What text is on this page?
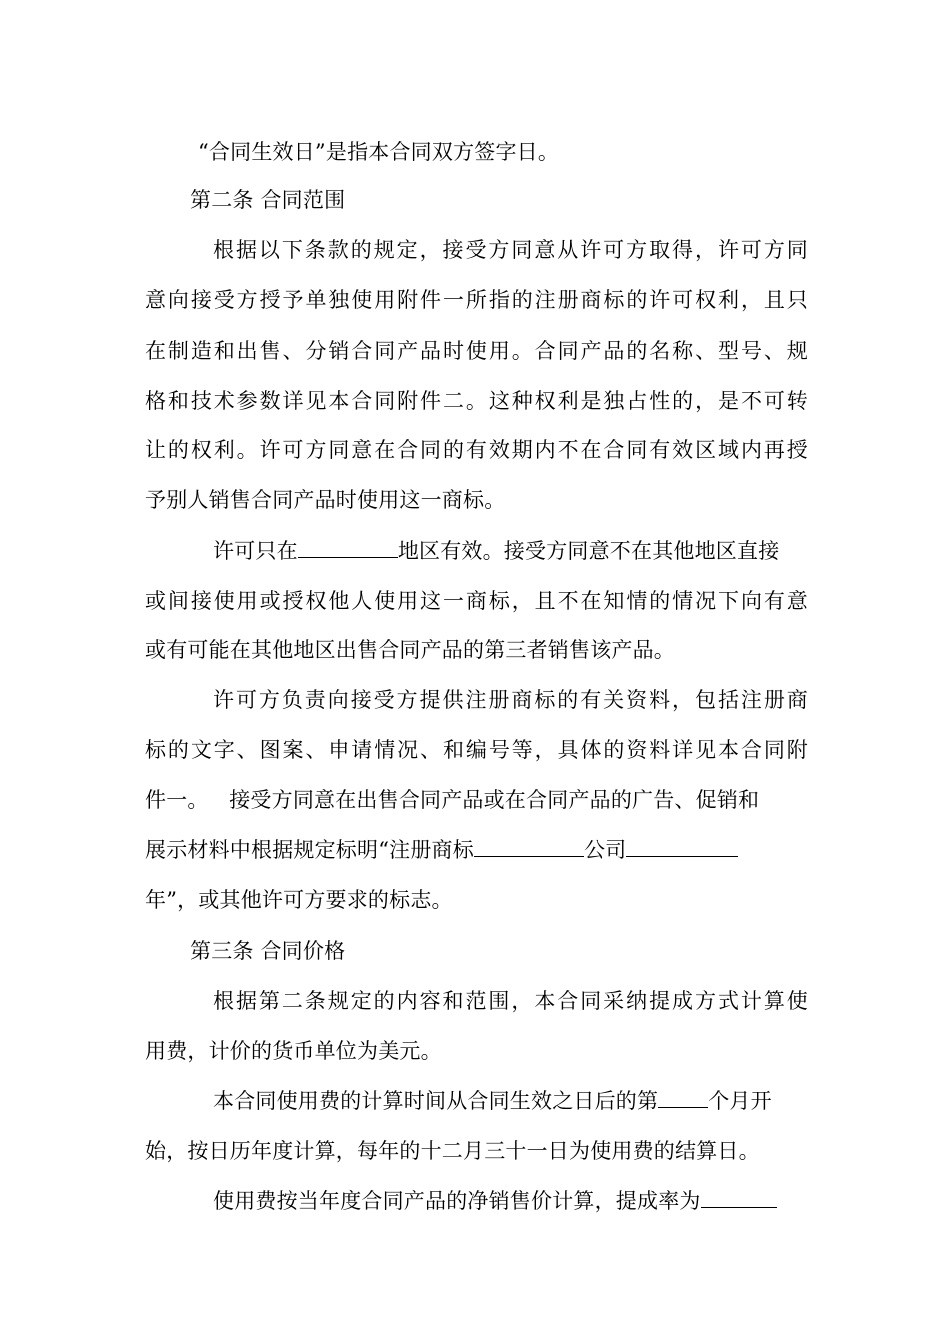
“合同生效日”是指本合同双方签字日。
第二条 合同范围
根据以下条款的规定，接受方同意从许可方取得，许可方同
意向接受方授予单独使用附件一所指的注册商标的许可权利，且只
在制造和出售、分销合同产品时使用。合同产品的名称、型号、规
格和技术参数详见本合同附件二。这种权利是独占性的，是不可转
让的权利。许可方同意在合同的有效期内不在合同有效区域内再授
予别人销售合同产品时使用这一商标。
许可只在	地区有效。接受方同意不在其他地区直接
或间接使用或授权他人使用这一商标，且不在知情的情况下向有意
或有可能在其他地区出售合同产品的第三者销售该产品。
许可方负责向接受方提供注册商标的有关资料，包括注册商
标的文字、图案、申请情况、和编号等，具体的资料详见本合同附
件一。   接受方同意在出售合同产品或在合同产品的广告、促销和
展示材料中根据规定标明“注册商标	公司
年”，或其他许可方要求的标志。
第三条 合同价格
根据第二条规定的内容和范围，本合同采纳提成方式计算使
用费，计价的货币单位为美元。
本合同使用费的计算时间从合同生效之日后的第 个月开
始，按日历年度计算，每年的十二月三十一日为使用费的结算日。
使用费按当年度合同产品的净销售价计算，提成率为
